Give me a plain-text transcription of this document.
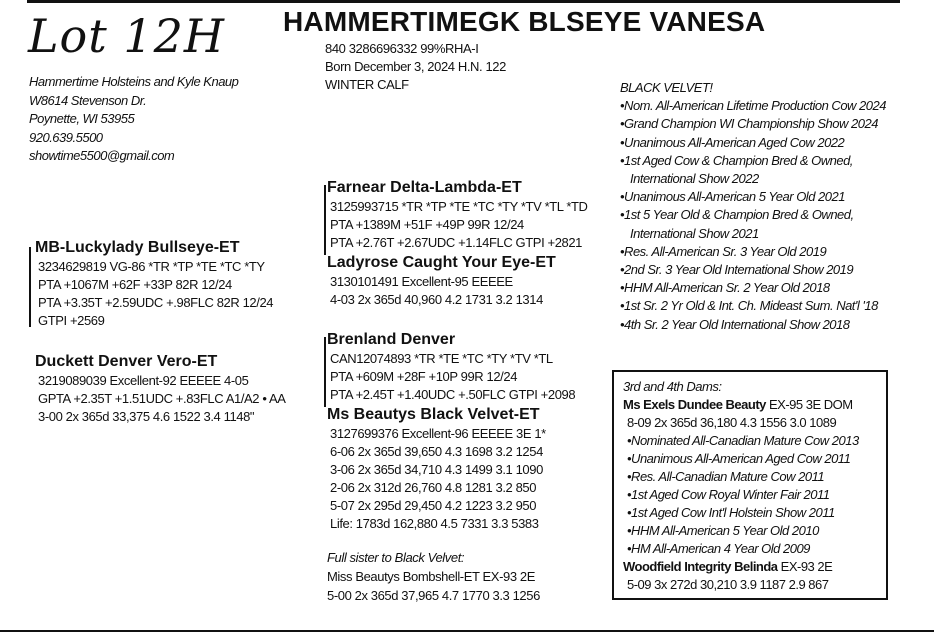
Lot 12H HAMMERTIMEGK BLSEYE VANESA
840 3286696332 99%RHA-I
Born December 3, 2024 H.N. 122
WINTER CALF
Hammertime Holsteins and Kyle Knaup
W8614 Stevenson Dr.
Poynette, WI 53955
920.639.5500
showtime5500@gmail.com
MB-Luckylady Bullseye-ET
3234629819 VG-86 *TR *TP *TE *TC *TY
PTA +1067M +62F +33P 82R 12/24
PTA +3.35T +2.59UDC +.98FLC 82R 12/24
GTPI +2569
Duckett Denver Vero-ET
3219089039 Excellent-92 EEEEE 4-05
GPTA +2.35T +1.51UDC +.83FLC A1/A2 • AA
3-00 2x 365d 33,375 4.6 1522 3.4 1148"
Farnear Delta-Lambda-ET
3125993715 *TR *TP *TE *TC *TY *TV *TL *TD
PTA +1389M +51F +49P 99R 12/24
PTA +2.76T +2.67UDC +1.14FLC GTPI +2821
Ladyrose Caught Your Eye-ET
3130101491 Excellent-95 EEEEE
4-03 2x 365d 40,960 4.2 1731 3.2 1314
Brenland Denver
CAN12074893 *TR *TE *TC *TY *TV *TL
PTA +609M +28F +10P 99R 12/24
PTA +2.45T +1.40UDC +.50FLC GTPI +2098
Ms Beautys Black Velvet-ET
3127699376 Excellent-96 EEEEE 3E 1*
6-06 2x 365d 39,650 4.3 1698 3.2 1254
3-06 2x 365d 34,710 4.3 1499 3.1 1090
2-06 2x 312d 26,760 4.8 1281 3.2 850
5-07 2x 295d 29,450 4.2 1223 3.2 950
Life: 1783d 162,880 4.5 7331 3.3 5383
Full sister to Black Velvet:
Miss Beautys Bombshell-ET EX-93 2E
5-00 2x 365d 37,965 4.7 1770 3.3 1256
BLACK VELVET!
•Nom. All-American Lifetime Production Cow 2024
•Grand Champion WI Championship Show 2024
•Unanimous All-American Aged Cow 2022
•1st Aged Cow & Champion Bred & Owned,
International Show 2022
•Unanimous All-American 5 Year Old 2021
•1st 5 Year Old & Champion Bred & Owned,
International Show 2021
•Res. All-American Sr. 3 Year Old 2019
•2nd Sr. 3 Year Old International Show 2019
•HHM All-American Sr. 2 Year Old 2018
•1st Sr. 2 Yr Old & Int. Ch. Mideast Sum. Nat'l '18
•4th Sr. 2 Year Old International Show 2018
3rd and 4th Dams:
Ms Exels Dundee Beauty EX-95 3E DOM
8-09 2x 365d 36,180 4.3 1556 3.0 1089
•Nominated All-Canadian Mature Cow 2013
•Unanimous All-American Aged Cow 2011
•Res. All-Canadian Mature Cow 2011
•1st Aged Cow Royal Winter Fair 2011
•1st Aged Cow Int'l Holstein Show 2011
•HHM All-American 5 Year Old 2010
•HM All-American 4 Year Old 2009
Woodfield Integrity Belinda EX-93 2E
5-09 3x 272d 30,210 3.9 1187 2.9 867
